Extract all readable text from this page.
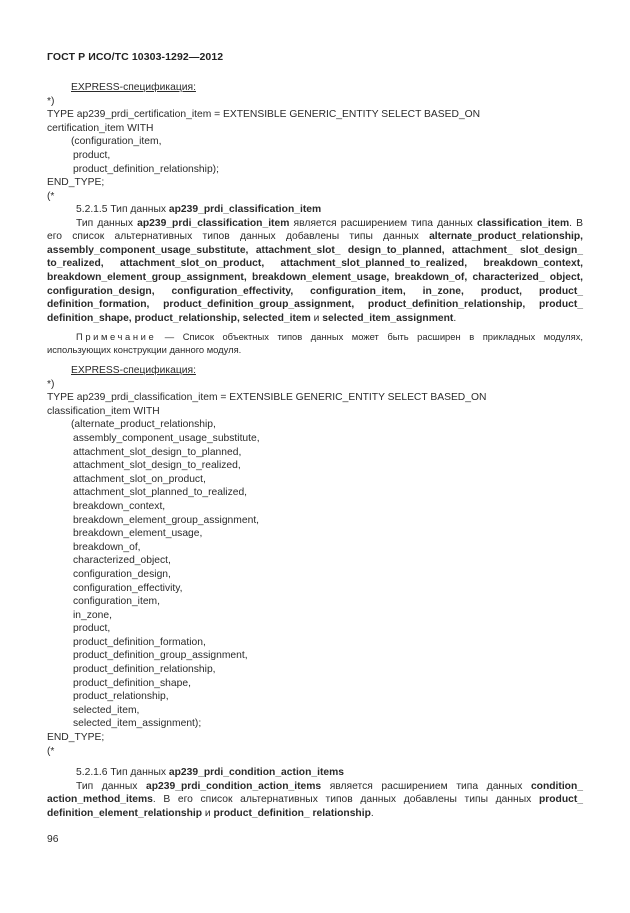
ГОСТ Р ИСО/ТС 10303-1292—2012
EXPRESS-спецификация:
*)
TYPE ap239_prdi_certification_item = EXTENSIBLE GENERIC_ENTITY SELECT BASED_ON
certification_item WITH
(configuration_item,
product,
product_definition_relationship);
END_TYPE;
(*
5.2.1.5 Тип данных ap239_prdi_classification_item
Тип данных ap239_prdi_classification_item является расширением типа данных classification_item. В его список альтернативных типов данных добавлены типы данных alternate_product_relationship, assembly_component_usage_substitute, attachment_slot_ design_to_planned, attachment_ slot_design_ to_realized, attachment_slot_on_product, attachment_slot_planned_to_realized, breakdown_context, breakdown_element_group_assignment, breakdown_element_usage, breakdown_of, characterized_ object, configuration_design, configuration_effectivity, configuration_item, in_zone, product, product_ definition_formation, product_definition_group_assignment, product_definition_relationship, product_ definition_shape, product_relationship, selected_item и selected_item_assignment.
Примечание — Список объектных типов данных может быть расширен в прикладных модулях, использующих конструкции данного модуля.
EXPRESS-спецификация:
*)
TYPE ap239_prdi_classification_item = EXTENSIBLE GENERIC_ENTITY SELECT BASED_ON
classification_item WITH
(alternate_product_relationship,
assembly_component_usage_substitute,
attachment_slot_design_to_planned,
attachment_slot_design_to_realized,
attachment_slot_on_product,
attachment_slot_planned_to_realized,
breakdown_context,
breakdown_element_group_assignment,
breakdown_element_usage,
breakdown_of,
characterized_object,
configuration_design,
configuration_effectivity,
configuration_item,
in_zone,
product,
product_definition_formation,
product_definition_group_assignment,
product_definition_relationship,
product_definition_shape,
product_relationship,
selected_item,
selected_item_assignment);
END_TYPE;
(*
5.2.1.6 Тип данных ap239_prdi_condition_action_items
Тип данных ap239_prdi_condition_action_items является расширением типа данных condition_ action_method_items. В его список альтернативных типов данных добавлены типы данных product_ definition_element_relationship и product_definition_ relationship.
96
